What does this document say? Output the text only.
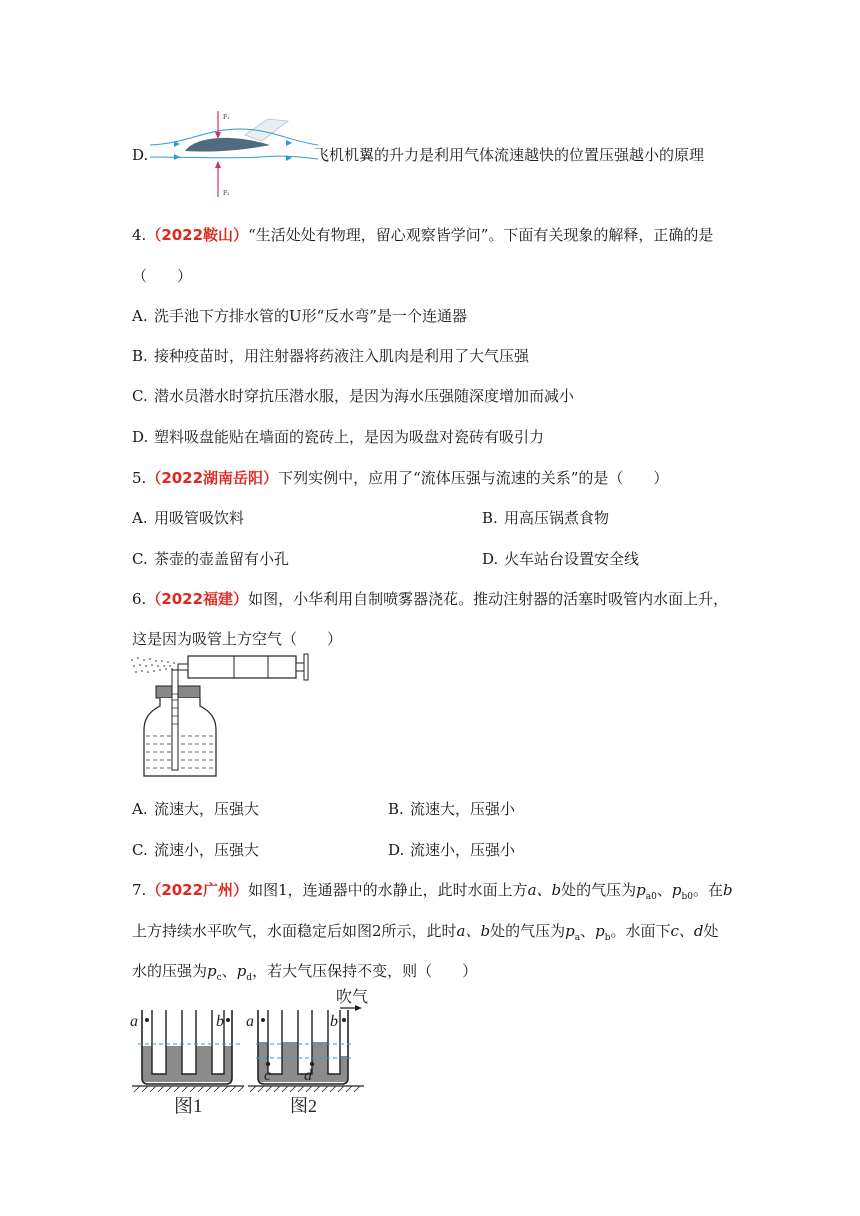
D.
F₁
F₂
飞机机翼的升力是利用气体流速越快的位置压强越小的原理
4.（2022鞍山）“生活处处有物理，留心观察皆学问”。下面有关现象的解释，正确的是
（　　）
A. 洗手池下方排水管的U形“反水弯”是一个连通器
B. 接种疫苗时，用注射器将药液注入肌肉是利用了大气压强
C. 潜水员潜水时穿抗压潜水服，是因为海水压强随深度增加而减小
D. 塑料吸盘能贴在墙面的瓷砖上，是因为吸盘对瓷砖有吸引力
5.（2022湖南岳阳）下列实例中，应用了“流体压强与流速的关系”的是（　　）
A. 用吸管吸饮料	B. 用高压锅煮食物
C. 茶壶的壶盖留有小孔	D. 火车站台设置安全线
6.（2022福建）如图，小华利用自制喷雾器浇花。推动注射器的活塞时吸管内水面上升，
这是因为吸管上方空气（　　）
A. 流速大，压强大	B. 流速大，压强小
C. 流速小，压强大	D. 流速小，压强小
7.（2022广州）如图1，连通器中的水静止，此时水面上方a、b处的气压为$p_{a0}$、$p_{b0}$。在b
上方持续水平吹气，水面稳定后如图2所示，此时a、b处的气压为$p_a$、$p_b$。水面下c、d处
水的压强为$p_c$、$p_d$，若大气压保持不变，则（　　）
a	b
图1
吹气
a	b
c d
图2
